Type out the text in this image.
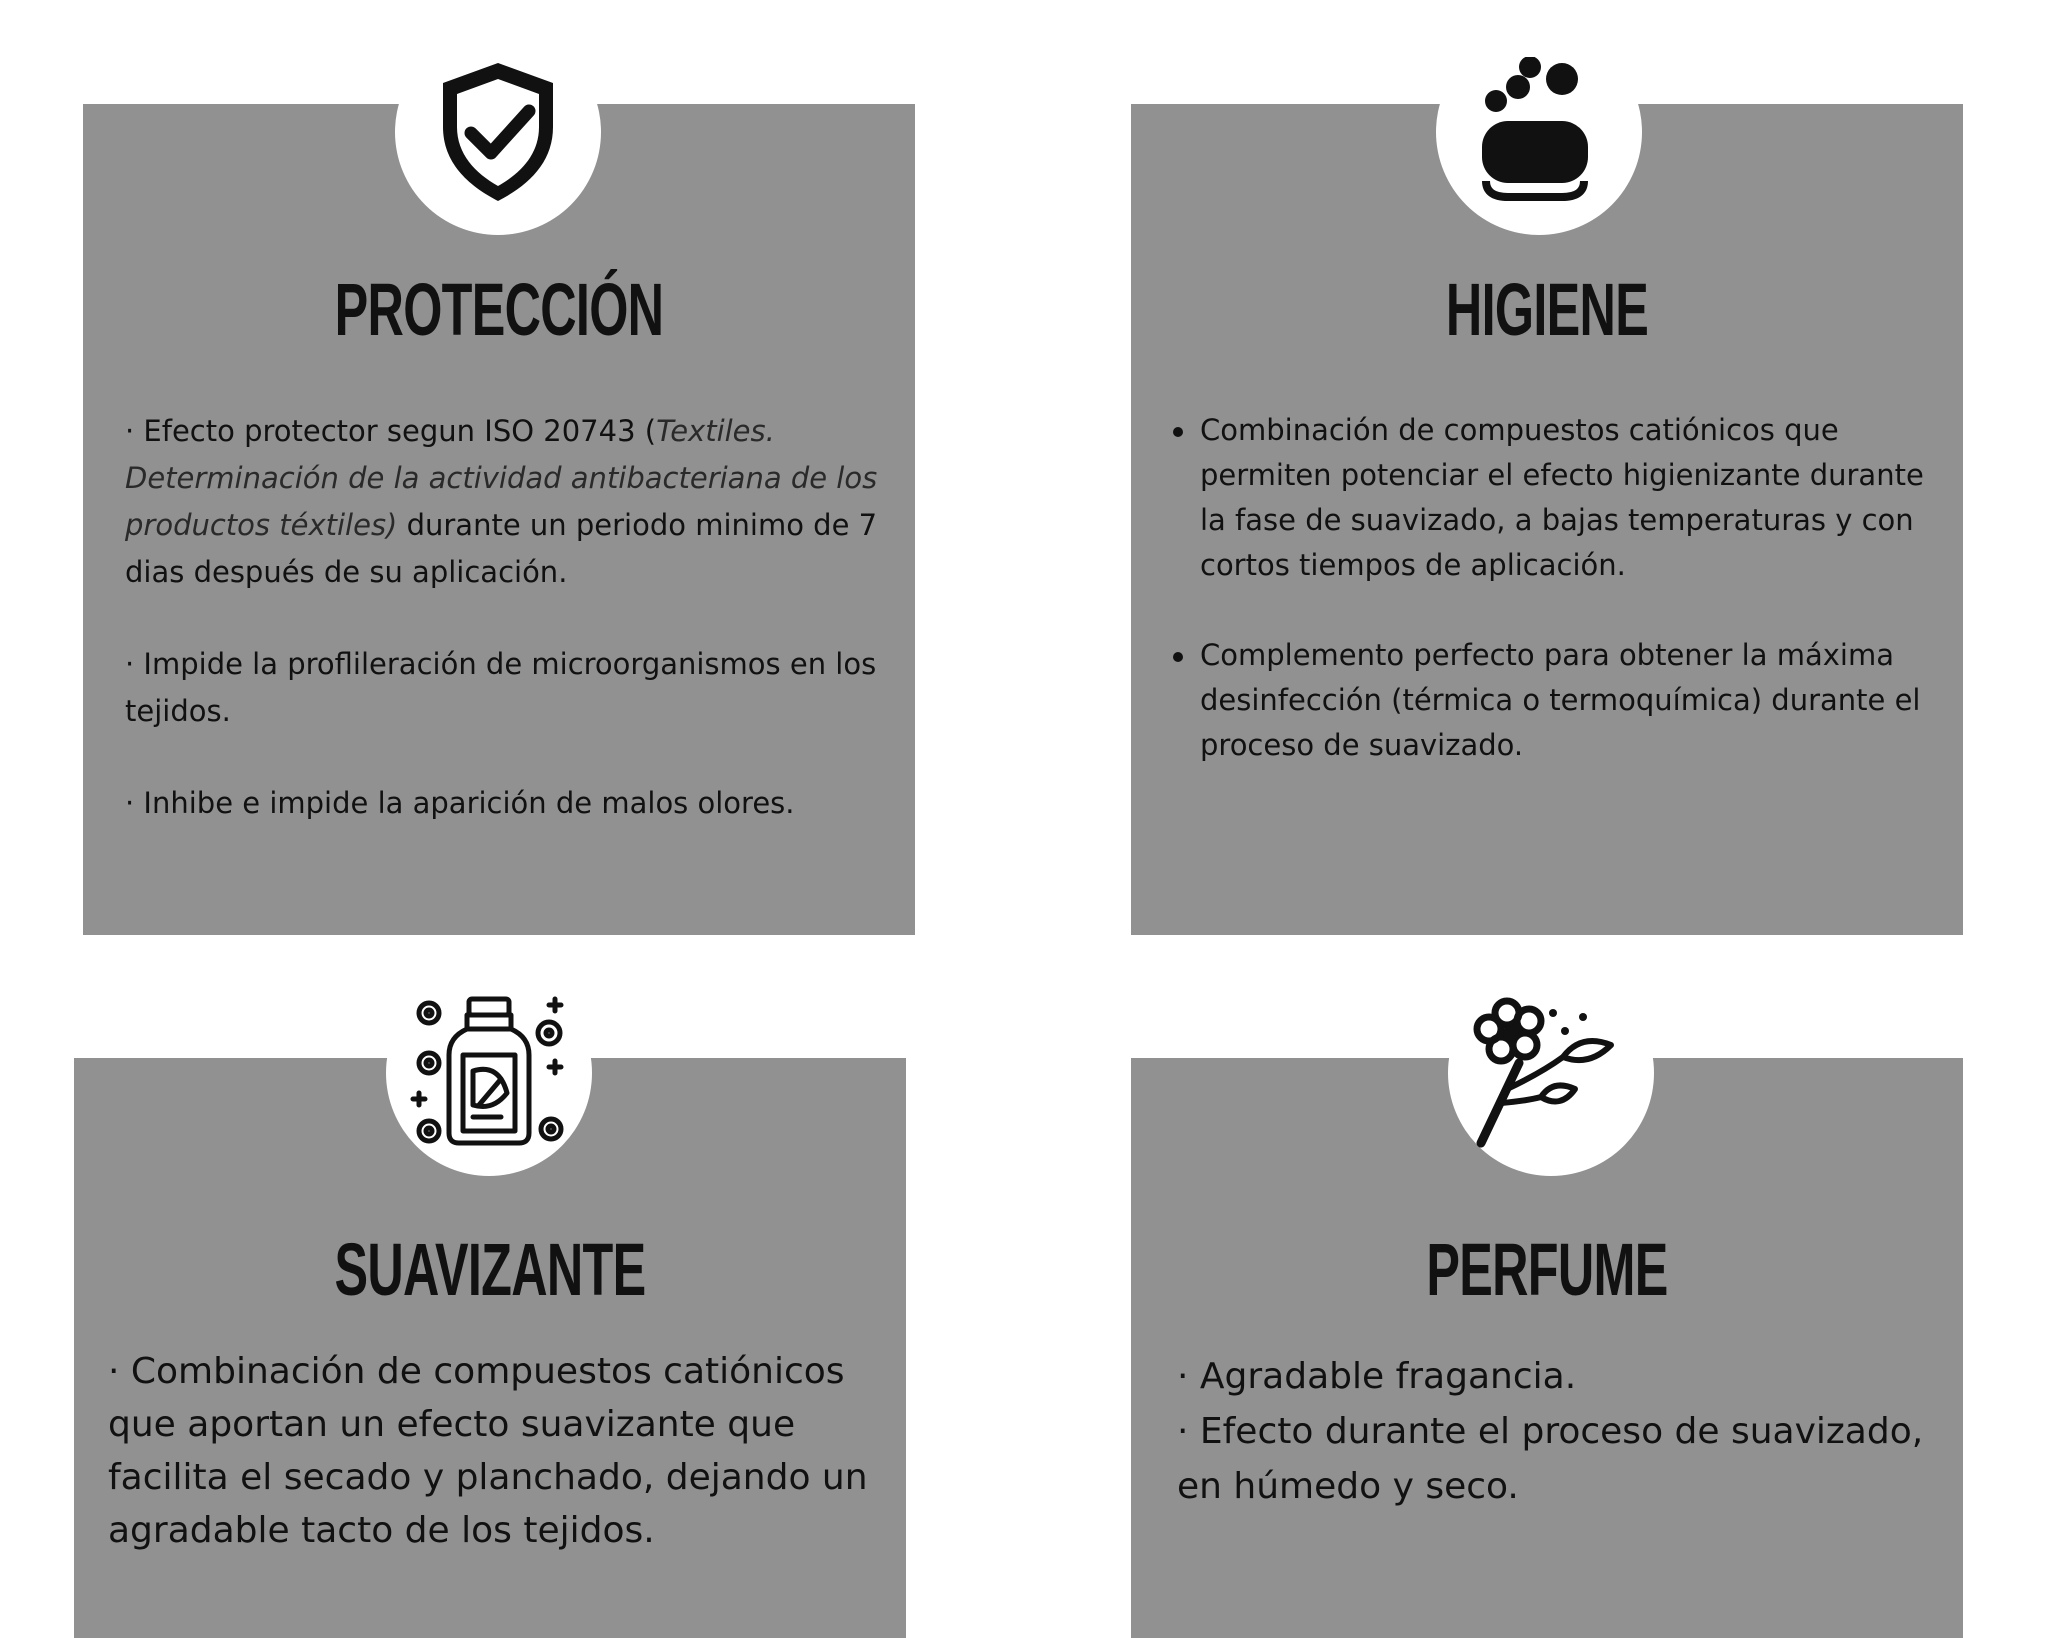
PROTECCIÓN	HIGIENE
SUAVIZANTE	PERFUME

· Efecto protector segun ISO 20743 (Textiles. Determinación de la actividad antibacteriana de los productos téxtiles) durante un periodo minimo de 7 dias después de su aplicación.

· Impide la proflileración de microorganismos en los tejidos.

· Inhibe e impide la aparición de malos olores.

Combinación de compuestos catiónicos que permiten potenciar el efecto higienizante durante la fase de suavizado, a bajas temperaturas y con cortos tiempos de aplicación.
Complemento perfecto para obtener la máxima desinfección (térmica o termoquímica) durante el proceso de suavizado.
· Combinación de compuestos catiónicos que aportan un efecto suavizante que facilita el secado y planchado, dejando un agradable tacto de los tejidos.
· Agradable fragancia.
· Efecto durante el proceso de suavizado, en húmedo y seco.
